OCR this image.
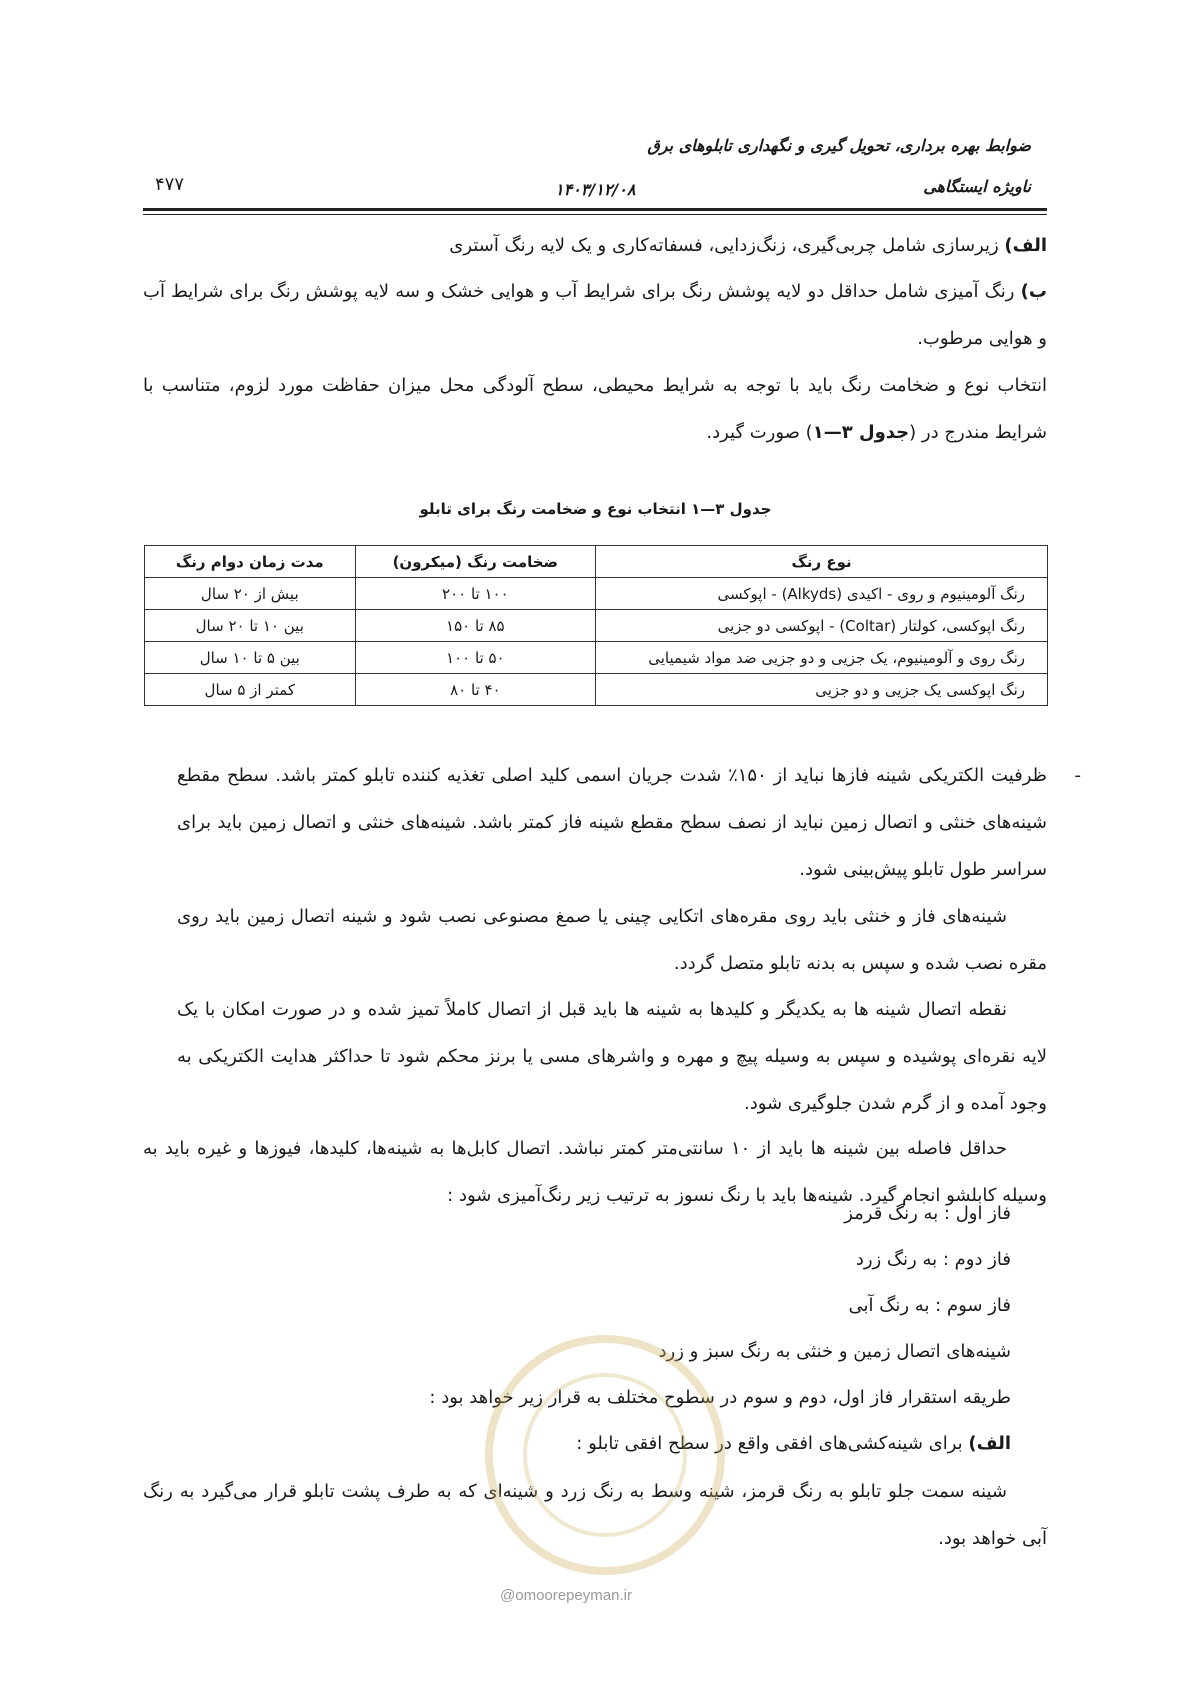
ضوابط بهره برداری، تحویل گیری و نگهداری تابلوهای برق
ناویژه ایستگاهی
۱۴۰۳/۱۲/۰۸
۴۷۷
الف) زیرسازی شامل چربی‌گیری، زنگ‌زدایی، فسفاته‌کاری و یک لایه رنگ آستری
ب) رنگ آمیزی شامل حداقل دو لایه پوشش رنگ برای شرایط آب و هوایی خشک و سه لایه پوشش رنگ برای شرایط آب و هوایی مرطوب.
انتخاب نوع و ضخامت رنگ باید با توجه به شرایط محیطی، سطح آلودگی محل میزان حفاظت مورد لزوم، متناسب با شرایط مندرج در (جدول ۳—۱) صورت گیرد.
جدول ۳—۱ انتخاب نوع و ضخامت رنگ برای تابلو
نوع رنگ	ضخامت رنگ (میکرون)	مدت زمان دوام رنگ
رنگ آلومینیوم و روی - اکیدی (Alkyds) - اپوکسی	۱۰۰ تا ۲۰۰	بیش از ۲۰ سال
رنگ اپوکسی، کولتار (Coltar) - اپوکسی دو جزیی	۸۵ تا ۱۵۰	بین ۱۰ تا ۲۰ سال
رنگ روی و آلومینیوم، یک جزیی و دو جزیی ضد مواد شیمیایی	۵۰ تا ۱۰۰	بین ۵ تا ۱۰ سال
رنگ اپوکسی یک جزیی و دو جزیی	۴۰ تا ۸۰	کمتر از ۵ سال
-
ظرفیت الکتریکی شینه فازها نباید از ۱۵۰٪ شدت جریان اسمی کلید اصلی تغذیه کننده تابلو کمتر باشد. سطح مقطع شینه‌های خنثی و اتصال زمین نباید از نصف سطح مقطع شینه فاز کمتر باشد. شینه‌های خنثی و اتصال زمین باید برای سراسر طول تابلو پیش‌بینی شود.
شینه‌های فاز و خنثی باید روی مقره‌های اتکایی چینی یا صمغ مصنوعی نصب شود و شینه اتصال زمین باید روی مقره نصب شده و سپس به بدنه تابلو متصل گردد.
نقطه اتصال شینه ها به یکدیگر و کلیدها به شینه ها باید قبل از اتصال کاملاً تمیز شده و در صورت امکان با یک لایه نقره‌ای پوشیده و سپس به وسیله پیچ و مهره و واشرهای مسی یا برنز محکم شود تا حداکثر هدایت الکتریکی به وجود آمده و از گرم شدن جلوگیری شود.
حداقل فاصله بین شینه ها باید از ۱۰ سانتی‌متر کمتر نباشد. اتصال کابل‌ها به شینه‌ها، کلیدها، فیوزها و غیره باید به وسیله کابلشو انجام گیرد. شینه‌ها باید با رنگ نسوز به ترتیب زیر رنگ‌آمیزی شود :
فاز اول : به رنگ قرمز
فاز دوم : به رنگ زرد
فاز سوم : به رنگ آبی
شینه‌های اتصال زمین و خنثی به رنگ سبز و زرد
طریقه استقرار فاز اول، دوم و سوم در سطوح مختلف به قرار زیر خواهد بود :
الف) برای شینه‌کشی‌های افقی واقع در سطح افقی تابلو :
شینه سمت جلو تابلو به رنگ قرمز، شینه وسط به رنگ زرد و شینه‌ای که به طرف پشت تابلو قرار می‌گیرد به رنگ آبی خواهد بود.
@omoorepeyman.ir
